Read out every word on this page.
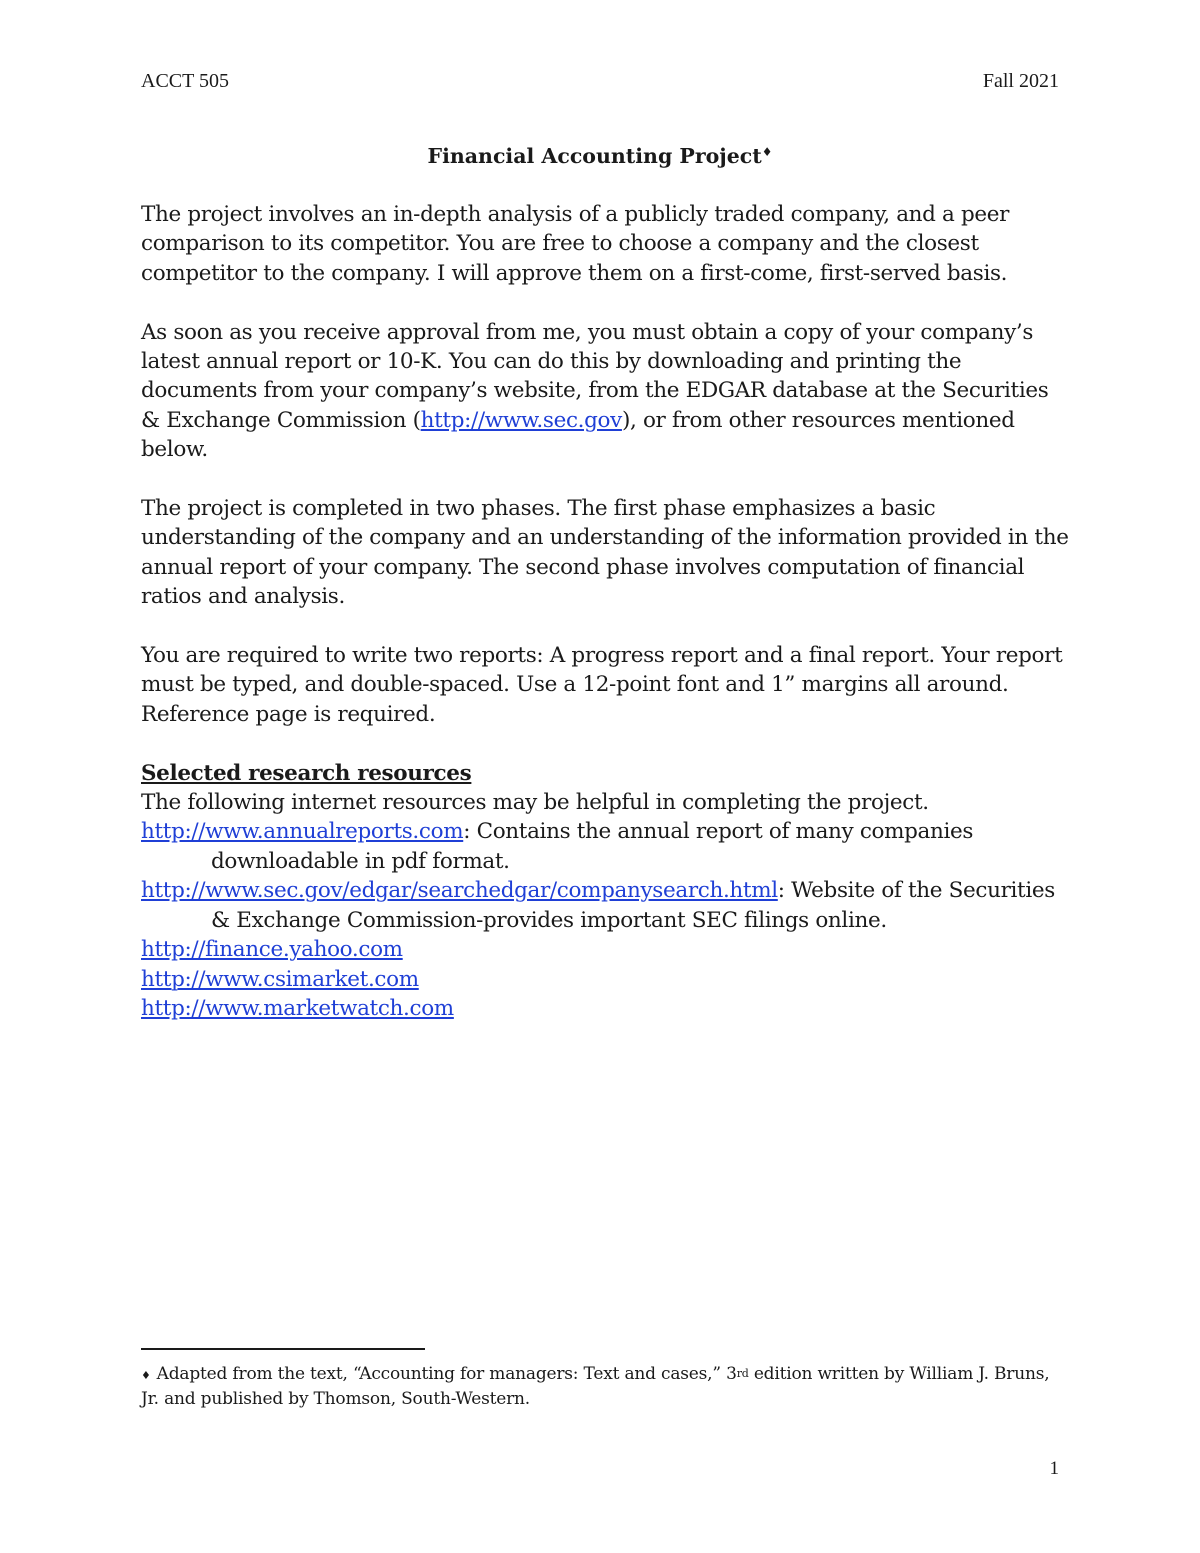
ACCT 505	Fall 2021
Financial Accounting Project♦

The project involves an in-depth analysis of a publicly traded company, and a peer comparison to its competitor. You are free to choose a company and the closest competitor to the company. I will approve them on a first-come, first-served basis.

As soon as you receive approval from me, you must obtain a copy of your company’s latest annual report or 10-K. You can do this by downloading and printing the documents from your company’s website, from the EDGAR database at the Securities & Exchange Commission (http://www.sec.gov), or from other resources mentioned below.

The project is completed in two phases. The first phase emphasizes a basic understanding of the company and an understanding of the information provided in the annual report of your company. The second phase involves computation of financial ratios and analysis.

You are required to write two reports: A progress report and a final report. Your report must be typed, and double-spaced. Use a 12-point font and 1” margins all around. Reference page is required.

Selected research resources
The following internet resources may be helpful in completing the project.
http://www.annualreports.com: Contains the annual report of many companies downloadable in pdf format.
http://www.sec.gov/edgar/searchedgar/companysearch.html: Website of the Securities & Exchange Commission-provides important SEC filings online.
http://finance.yahoo.com
http://www.csimarket.com
http://www.marketwatch.com
♦ Adapted from the text, “Accounting for managers: Text and cases,” 3rd edition written by William J. Bruns, Jr. and published by Thomson, South-Western.
1
